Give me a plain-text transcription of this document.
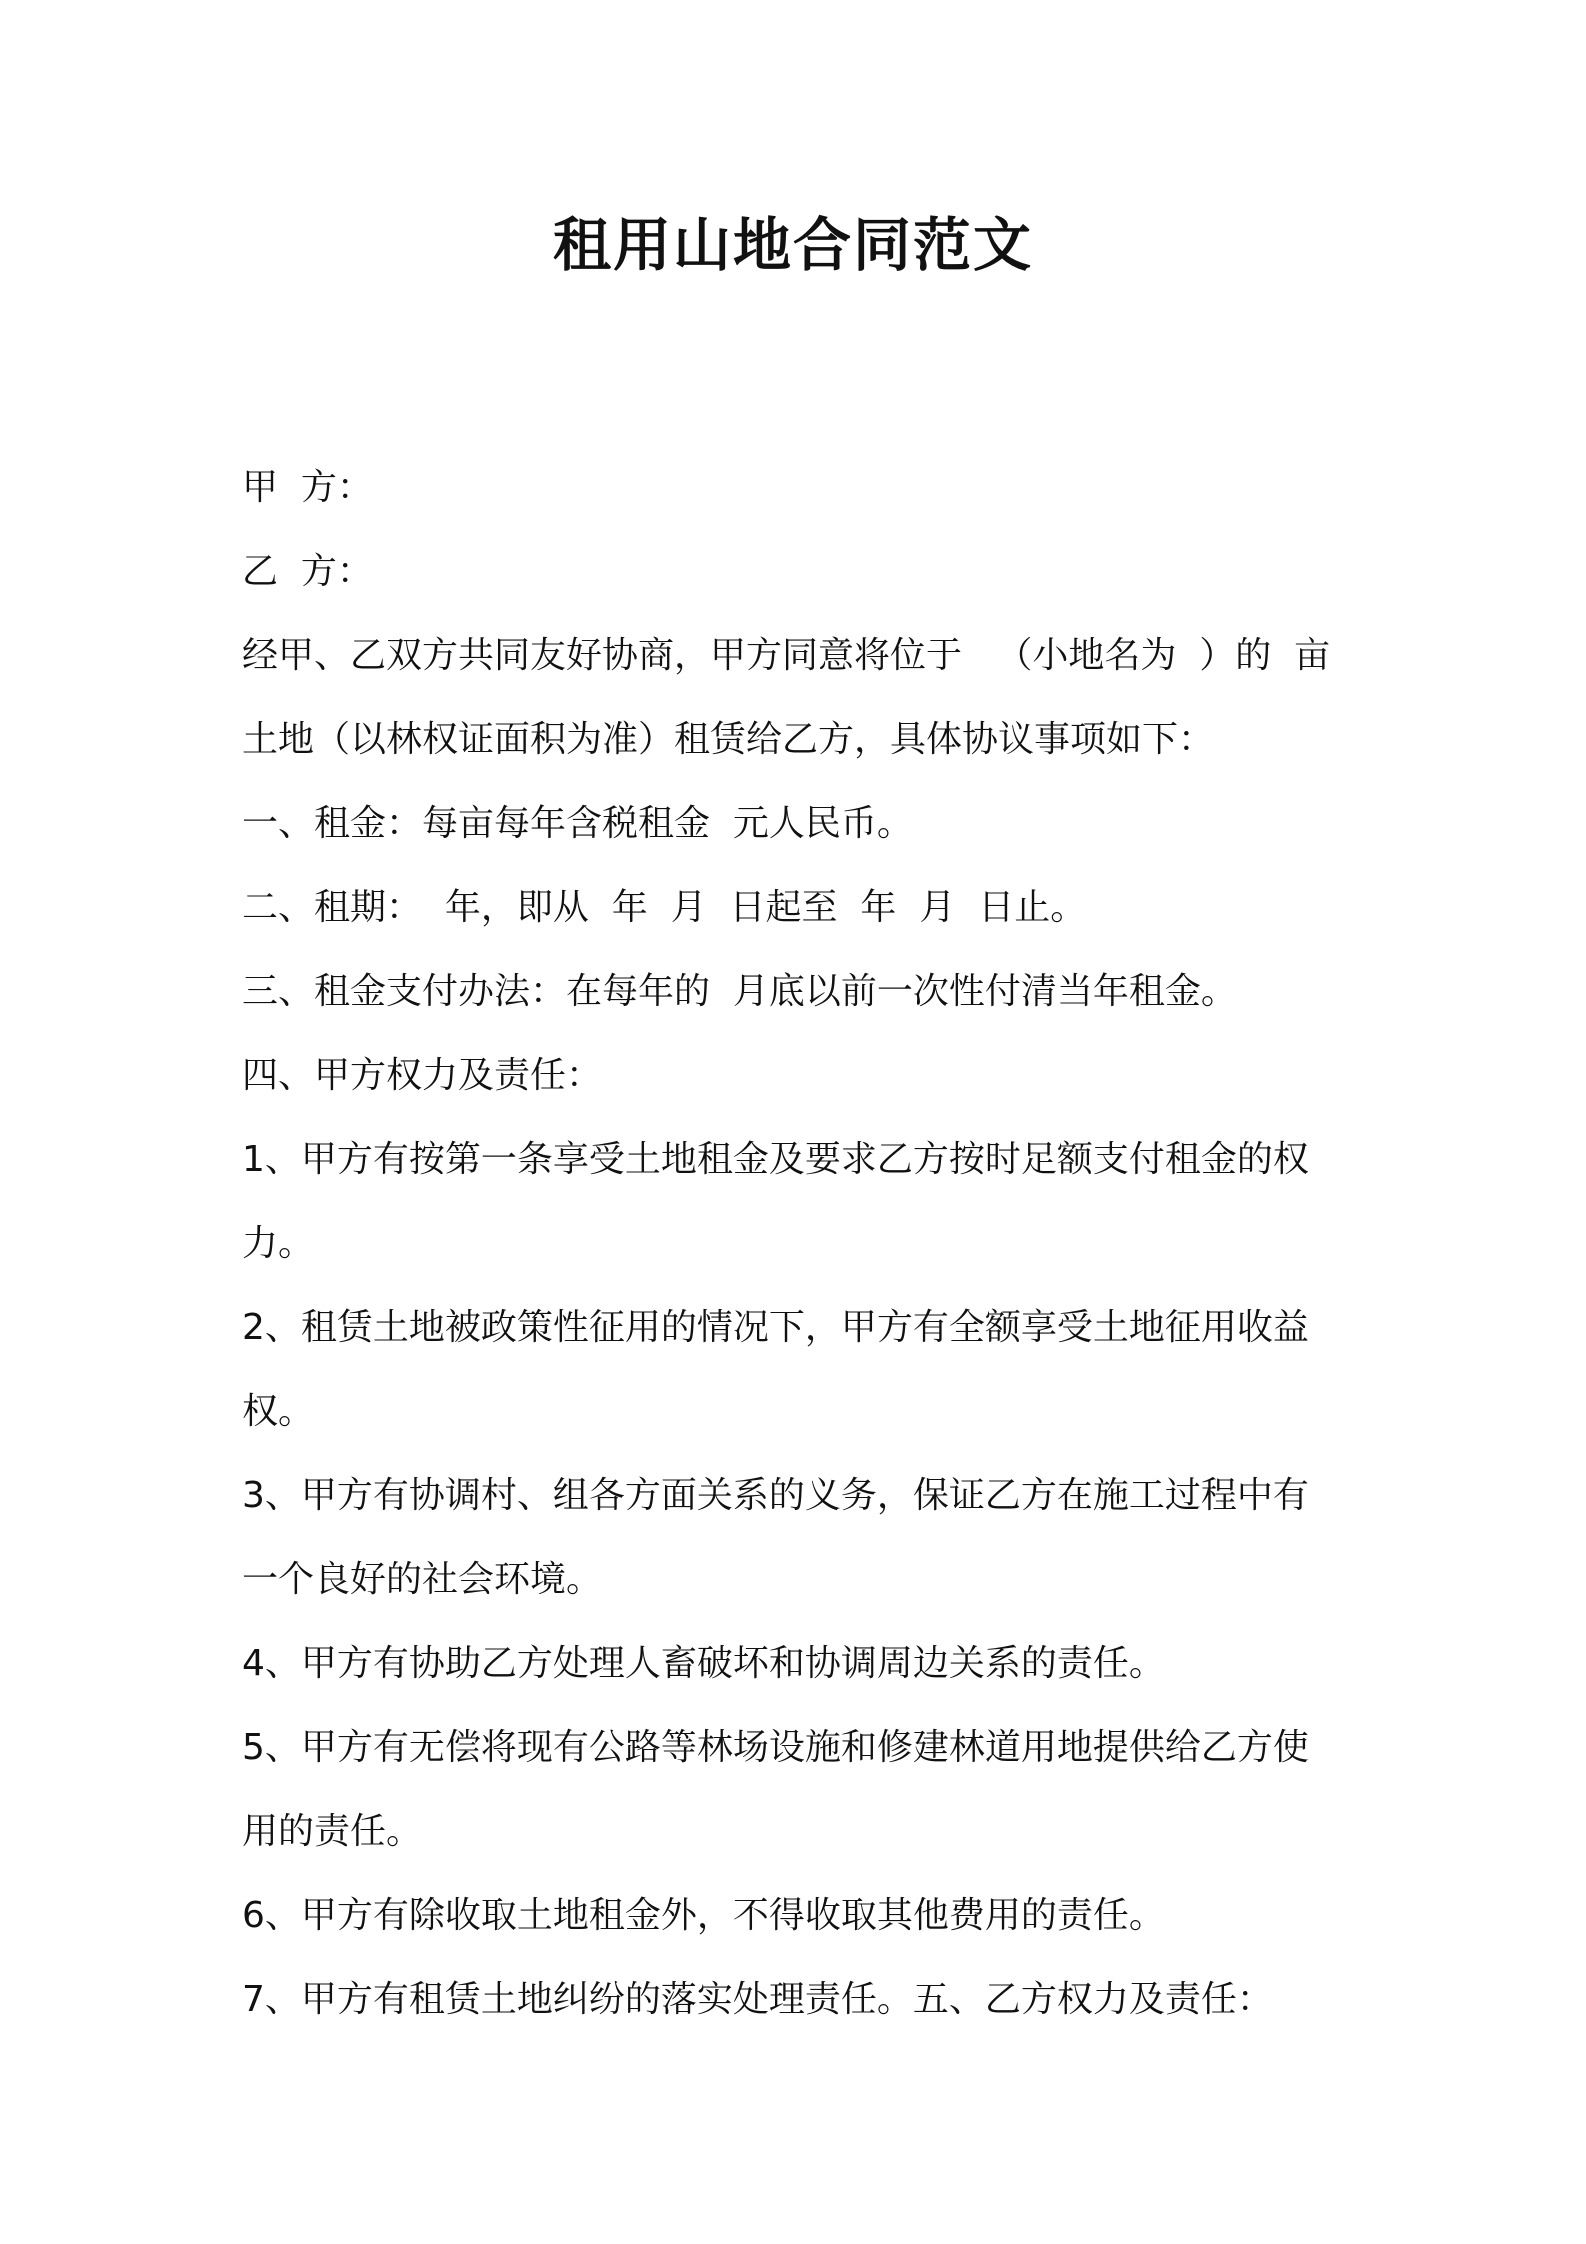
租用山地合同范文
甲  方：
乙  方：
经甲、乙双方共同友好协商，甲方同意将位于   （小地名为  ）的  亩
土地（以林权证面积为准）租赁给乙方，具体协议事项如下：
一、租金：每亩每年含税租金  元人民币。
二、租期：  年，即从  年  月  日起至  年  月  日止。
三、租金支付办法：在每年的  月底以前一次性付清当年租金。
四、甲方权力及责任：
1、甲方有按第一条享受土地租金及要求乙方按时足额支付租金的权
力。
2、租赁土地被政策性征用的情况下，甲方有全额享受土地征用收益
权。
3、甲方有协调村、组各方面关系的义务，保证乙方在施工过程中有
一个良好的社会环境。
4、甲方有协助乙方处理人畜破坏和协调周边关系的责任。
5、甲方有无偿将现有公路等林场设施和修建林道用地提供给乙方使
用的责任。
6、甲方有除收取土地租金外，不得收取其他费用的责任。
7、甲方有租赁土地纠纷的落实处理责任。五、乙方权力及责任：
